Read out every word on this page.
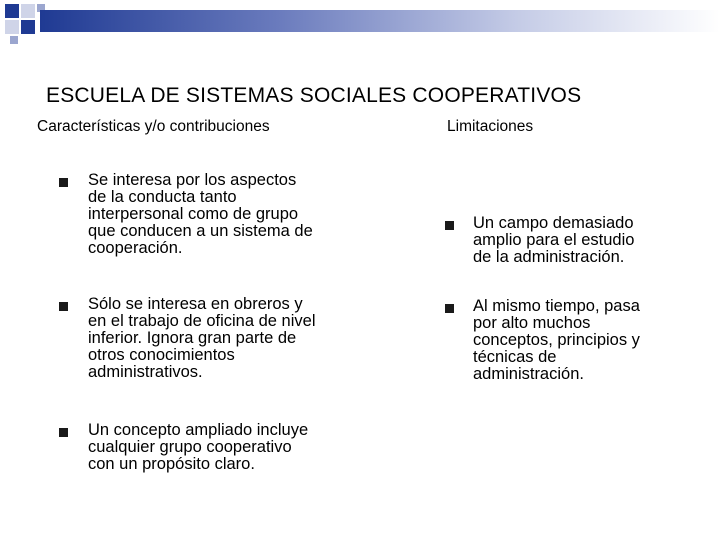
ESCUELA DE SISTEMAS SOCIALES COOPERATIVOS
Características y/o contribuciones	Limitaciones
Se interesa por los aspectos
de la conducta tanto
interpersonal como de grupo
que conducen a un sistema de
cooperación.
Sólo se interesa en obreros y
en el trabajo de oficina de nivel
inferior. Ignora gran parte de
otros conocimientos
administrativos.
Un concepto ampliado incluye
cualquier grupo cooperativo
con un propósito claro.
Un campo demasiado
amplio para el estudio
de la administración.
Al mismo tiempo, pasa
por alto muchos
conceptos, principios y
técnicas de
administración.
